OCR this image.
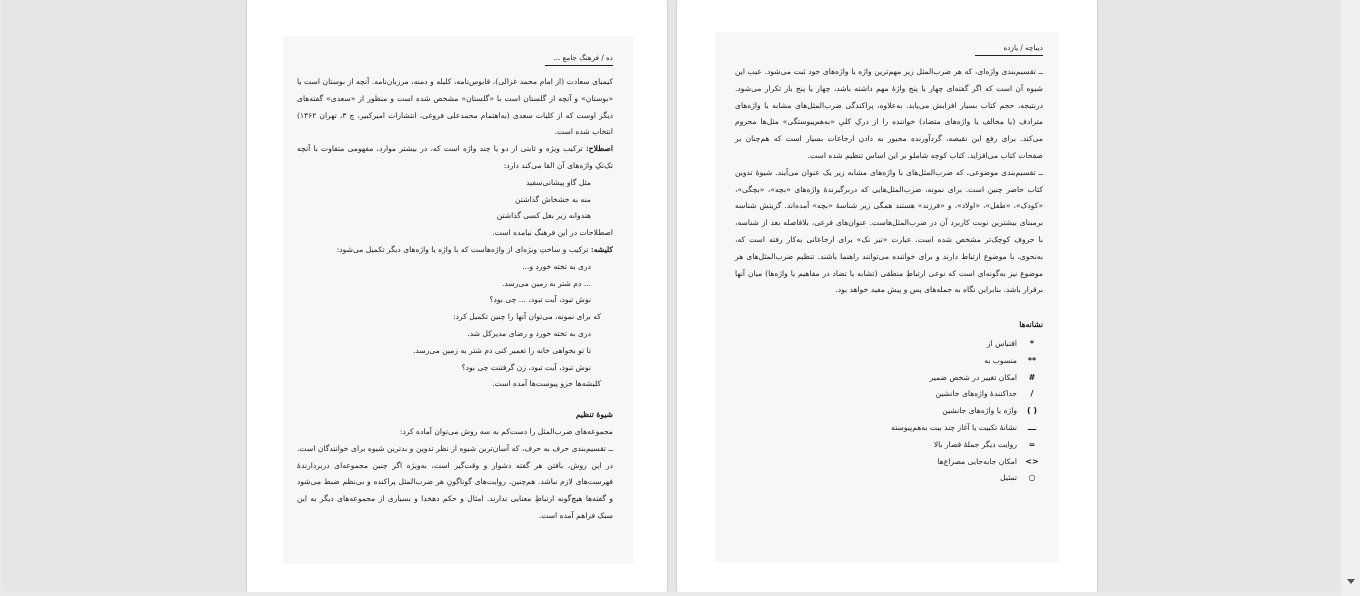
ده / فرهنگ جامع ...

کیمیای سعادت (از امام محمد غزالی)، قابوس‌نامه، کلیله و دمنه، مرزبان‌نامه. آنچه از بوستان است یا «بوستان» و آنچه از گلستان است با «گلستان» مشخص شده است و منظور از «سعدی» گفته‌های دیگر اوست که از کلیات سعدی (به‌اهتمام محمدعلی فروغی، انتشارات امیرکبیر، چ ۳، تهران ۱۳۶۲) انتخاب شده است.

اصطلاح: ترکیب ویژه و ثابتی از دو یا چند واژه است که، در بیشتر موارد، مفهومی متفاوت با آنچه تک‌تکِ واژه‌های آن القا می‌کند دارد:

مثل گاو پیشانی‌سفید

منه به خشخاش گذاشتن

هندوانه زیر بغل کسی گذاشتن

اصطلاحات در این فرهنگ نیامده است.

کلیشه: ترکیب و ساختِ ویژه‌ای از واژه‌هاست که با واژه یا واژه‌های دیگر تکمیل می‌شود:

دری به تخته خورد و...

... دم شتر به زمین می‌رسد.

نوش تبود، آیت تبود، ... چی بود؟

که برای نمونه، می‌توان آنها را چنین تکمیل کرد:

دری به تخته خورد و رضای مدیرکل شد.

تا تو بخواهی خانه را تعمیر کنی دم شتر به زمین می‌رسد.

نوش تبود، آیت تبود، زن گرفتنت چی بود؟

کلیشه‌ها جزو پیوست‌ها آمده است.

شیوهٔ تنظیم

مجموعه‌های ضرب‌المثل را دست‌کم به سه روش می‌توان آماده کرد:

ــ تقسیم‌بندی حرف به حرف، که آسان‌ترین شیوه از نظر تدوین و بدترین شیوه برای خوانندگان است. در این روش، یافتن هر گفته دشوار و وقت‌گیر است، به‌ویژه اگر چنین مجموعه‌ای دربردارندهٔ فهرست‌های لازم نباشد. هم‌چنین، روایت‌های گوناگونِ هر ضرب‌المثل پراکنده و بی‌نظم ضبط می‌شود و گفته‌ها هیچ‌گونه ارتباطِ معنایی ندارند. امثال و حکم دهخدا و بسیاری از مجموعه‌های دیگر به این سبک فراهم آمده است.

دیباچه / یازده

ــ تقسیم‌بندی واژه‌ای، که هر ضرب‌المثل زیر مهم‌ترین واژه یا واژه‌های خود ثبت می‌شود. عیب این شیوه آن است که اگر گفته‌ای چهار یا پنج واژهٔ مهم داشته باشد، چهار یا پنج بار تکرار می‌شود. درنتیجه، حجم کتاب بسیار افزایش می‌یابد. به‌علاوه، پراکندگی ضرب‌المثل‌های مشابه یا واژه‌های مترادف (یا مخالف یا واژه‌های متضاد) خواننده را از درکِ کلیِ «به‌هم‌پیوستگی» مثل‌ها محروم می‌کند. برای رفع این نقیصه، گردآورنده مجبور به دادن ارجاعات بسیار است که هم‌چنان بر صفحات کتاب می‌افزاید. کتاب کوچه شاملو بر این اساس تنظیم شده است.

ــ تقسیم‌بندی موضوعی، که ضرب‌المثل‌های با واژه‌های مشابه زیر یک عنوان می‌آیند. شیوهٔ تدوین کتاب حاضر چنین است. برای نمونه، ضرب‌المثل‌هایی که دربرگیرندهٔ واژه‌های «بچه»، «بچگی»، «کودک»، «طفل»، «اولاد»، و «فرزند» هستند همگی زیر شناسهٔ «بچه» آمده‌اند. گزینش شناسه برمبنای بیشترین نوبت کاربرد آن در ضرب‌المثل‌هاست. عنوان‌های فرعی، بلافاصله بعد از شناسه، با حروف کوچک‌تر مشخص شده است. عبارت «نیز نک» برای ارجاعاتی به‌کار رفته است که، به‌نحوی، با موضوع ارتباط دارند و برای خواننده می‌توانند راهنما باشند. تنظیم ضرب‌المثل‌های هر موضوع نیز به‌گونه‌ای است که نوعی ارتباطِ منطقی (تشابه یا تضاد در مفاهیم یا واژه‌ها) میان آنها برقرار باشد. بنابراین نگاه به جمله‌های پس و پیش مفید خواهد بود.

نشانه‌ها
*
اقتباس از
**
منسوب به
#
امکان تغییر در شخص ضمیر
/
جداکنندهٔ واژه‌های جانشین
( )
واژه یا واژه‌های جانشین
ـــ
نشانهٔ تکبیت یا آغاز چند بیت به‌هم‌پیوسته
=
روایت دیگر جملهٔ قصار بالا
<>
امکان جابه‌جایی مصراع‌ها
○
تمثیل
